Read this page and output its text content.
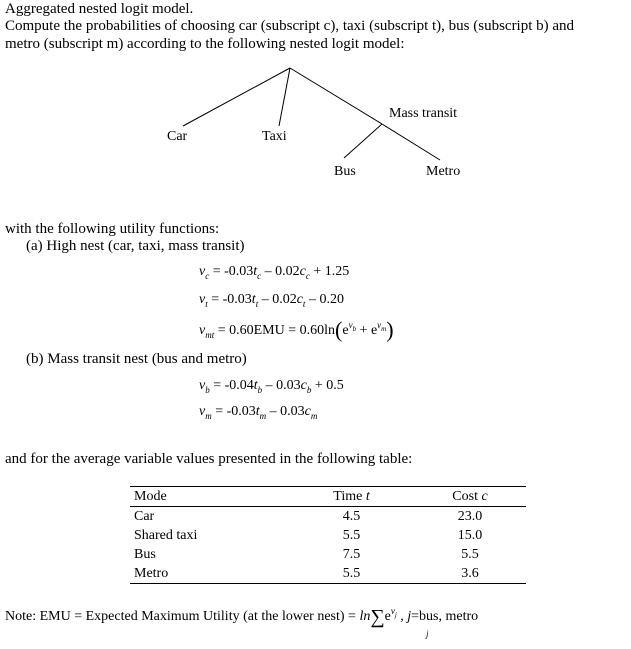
Aggregated nested logit model.
Compute the probabilities of choosing car (subscript c), taxi (subscript t), bus (subscript b) and
metro (subscript m) according to the following nested logit model:
Car	Taxi
Mass transit
Bus	Metro
with the following utility functions:
(a) High nest (car, taxi, mass transit)
$v_c = -0.03t_c - 0.02c_c + 1.25$
$v_t = -0.03t_t - 0.02c_t - 0.20$
$v_{mt} = 0.60EMU = 0.60\ln(e^{v_b} + e^{v_m})$
(b) Mass transit nest (bus and metro)
$v_b = -0.04t_b - 0.03c_b + 0.5$
$v_m = -0.03t_m - 0.03c_m$
and for the average variable values presented in the following table:
Mode	Time t	Cost c
Car	4.5	23.0
Shared taxi	5.5	15.0
Bus	7.5	5.5
Metro	5.5	3.6
Note: EMU = Expected Maximum Utility (at the lower nest) = $\ln\sum e^{v_j}$ , j=bus, metro
j
